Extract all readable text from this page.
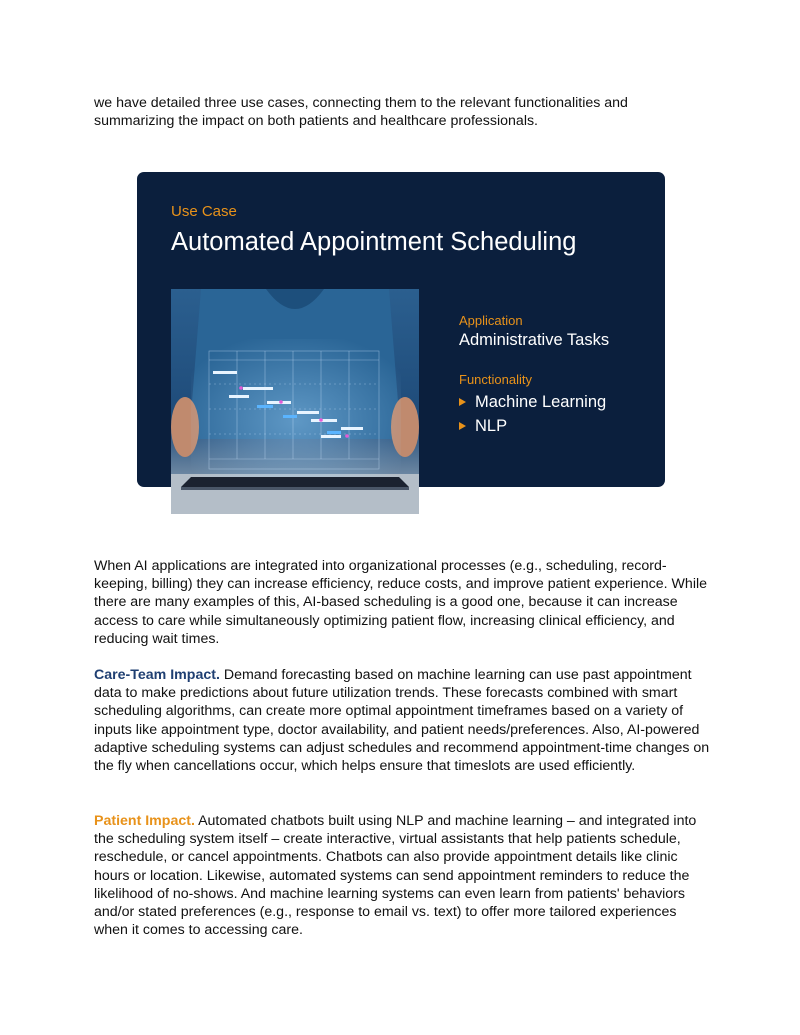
we have detailed three use cases, connecting them to the relevant functionalities and summarizing the impact on both patients and healthcare professionals.

Use Case
Automated Appointment Scheduling
Application
Administrative Tasks
Functionality
Machine Learning
NLP

When AI applications are integrated into organizational processes (e.g., scheduling, record-keeping, billing) they can increase efficiency, reduce costs, and improve patient experience. While there are many examples of this, AI-based scheduling is a good one, because it can increase access to care while simultaneously optimizing patient flow, increasing clinical efficiency, and reducing wait times.

Care-Team Impact. Demand forecasting based on machine learning can use past appointment data to make predictions about future utilization trends. These forecasts combined with smart scheduling algorithms, can create more optimal appointment timeframes based on a variety of inputs like appointment type, doctor availability, and patient needs/preferences. Also, AI-powered adaptive scheduling systems can adjust schedules and recommend appointment-time changes on the fly when cancellations occur, which helps ensure that timeslots are used efficiently.

Patient Impact. Automated chatbots built using NLP and machine learning – and integrated into the scheduling system itself – create interactive, virtual assistants that help patients schedule, reschedule, or cancel appointments. Chatbots can also provide appointment details like clinic hours or location. Likewise, automated systems can send appointment reminders to reduce the likelihood of no-shows. And machine learning systems can even learn from patients' behaviors and/or stated preferences (e.g., response to email vs. text) to offer more tailored experiences when it comes to accessing care.
